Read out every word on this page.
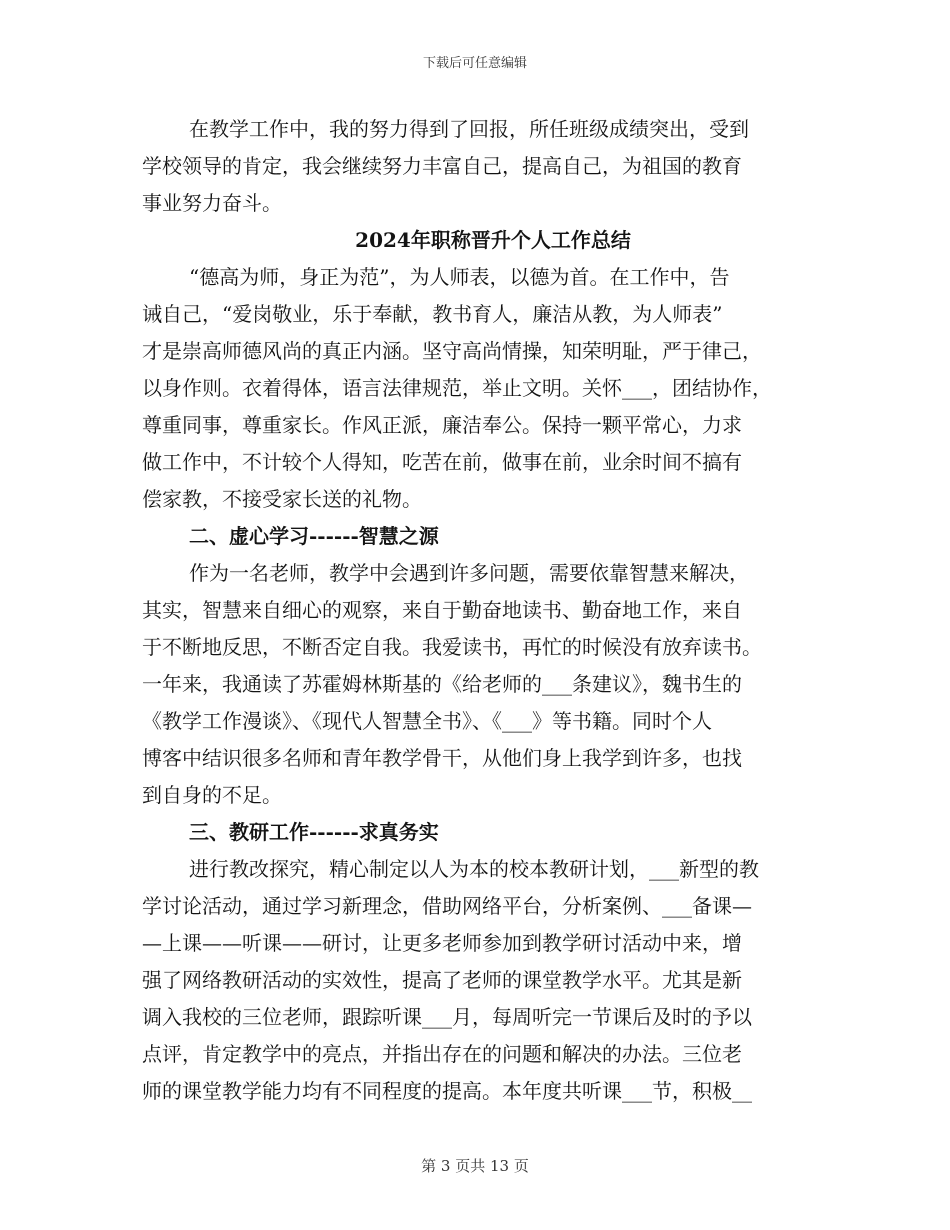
下载后可任意编辑
在教学工作中，我的努力得到了回报，所任班级成绩突出，受到
学校领导的肯定，我会继续努力丰富自己，提高自己，为祖国的教育
事业努力奋斗。
2024年职称晋升个人工作总结
“德高为师，身正为范”，为人师表，以德为首。在工作中，告
诫自己，“爱岗敬业，乐于奉献，教书育人，廉洁从教，为人师表”
才是崇高师德风尚的真正内涵。坚守高尚情操，知荣明耻，严于律己，
以身作则。衣着得体，语言法律规范，举止文明。关怀___，团结协作，
尊重同事，尊重家长。作风正派，廉洁奉公。保持一颗平常心，力求
做工作中，不计较个人得知，吃苦在前，做事在前，业余时间不搞有
偿家教，不接受家长送的礼物。
二、虚心学习------智慧之源
作为一名老师，教学中会遇到许多问题，需要依靠智慧来解决，
其实，智慧来自细心的观察，来自于勤奋地读书、勤奋地工作，来自
于不断地反思，不断否定自我。我爱读书，再忙的时候没有放弃读书。
一年来，我通读了苏霍姆林斯基的《给老师的___条建议》，魏书生的
《教学工作漫谈》、《现代人智慧全书》、《___》等书籍。同时个人
博客中结识很多名师和青年教学骨干，从他们身上我学到许多，也找
到自身的不足。
三、教研工作------求真务实
进行教改探究，精心制定以人为本的校本教研计划，___新型的教
学讨论活动，通过学习新理念，借助网络平台，分析案例、___备课—
—上课——听课——研讨，让更多老师参加到教学研讨活动中来，增
强了网络教研活动的实效性，提高了老师的课堂教学水平。尤其是新
调入我校的三位老师，跟踪听课___月，每周听完一节课后及时的予以
点评，肯定教学中的亮点，并指出存在的问题和解决的办法。三位老
师的课堂教学能力均有不同程度的提高。本年度共听课___节，积极__
第 3 页共 13 页
